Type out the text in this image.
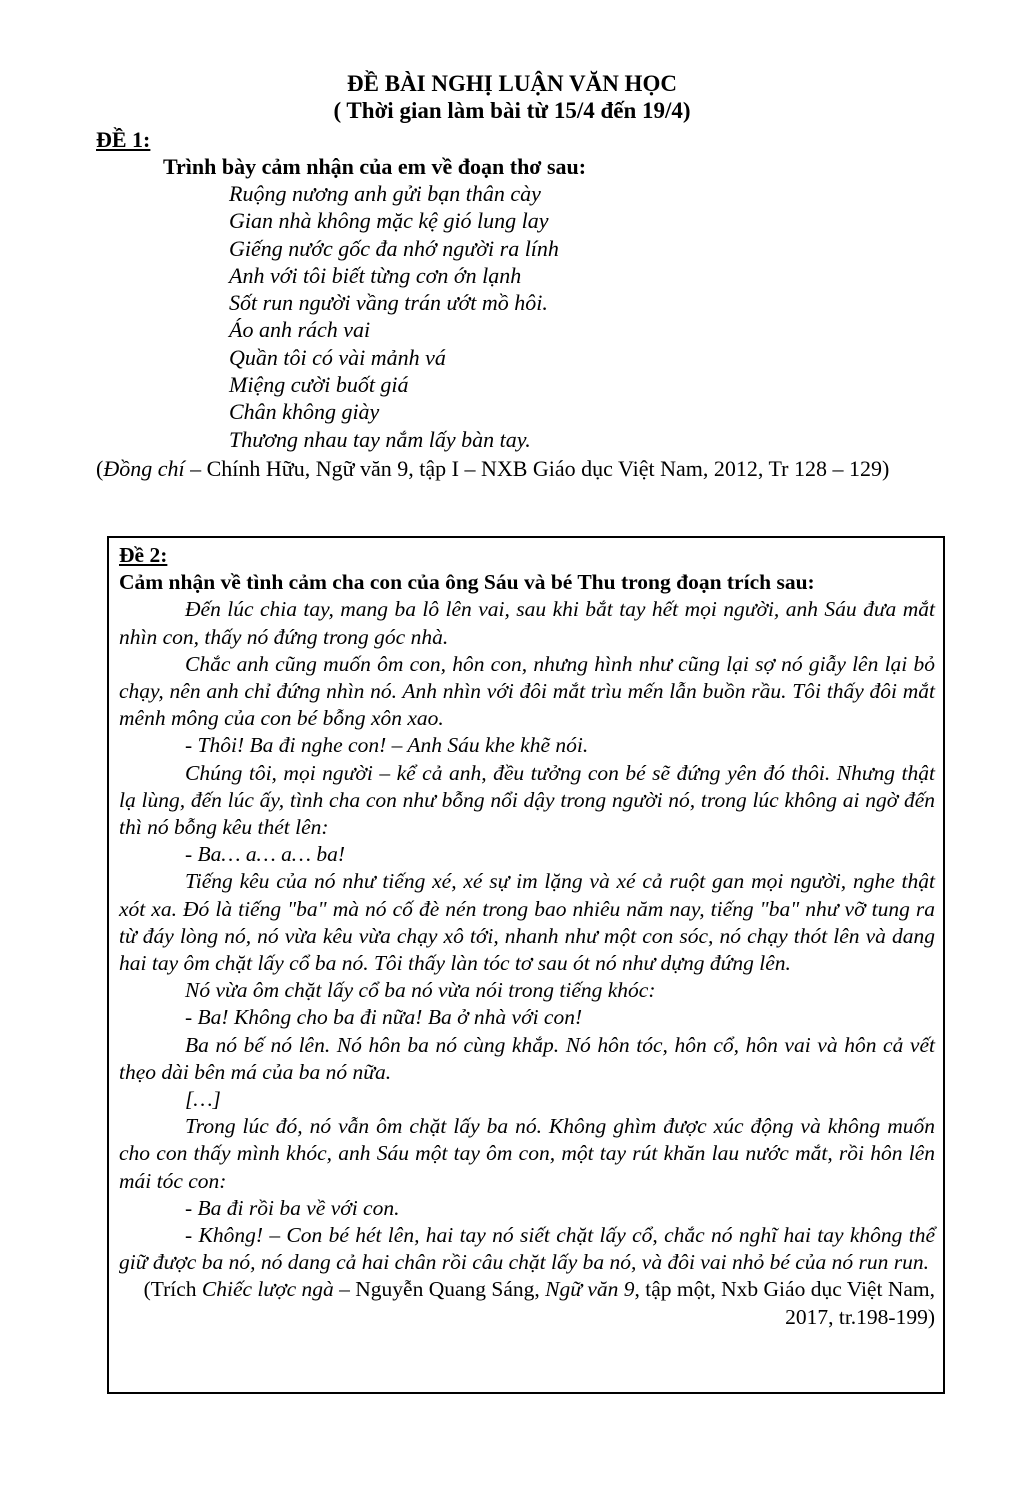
ĐỀ BÀI NGHỊ LUẬN VĂN HỌC
( Thời gian làm bài từ 15/4 đến 19/4)
ĐỀ 1:
Trình bày cảm nhận của em về đoạn thơ sau:
Ruộng nương anh gửi bạn thân cày
Gian nhà không mặc kệ gió lung lay
Giếng nước gốc đa nhớ người ra lính
Anh với tôi biết từng cơn ớn lạnh
Sốt run người vầng trán ướt mồ hôi.
Áo anh rách vai
Quần tôi có vài mảnh vá
Miệng cười buốt giá
Chân không giày
Thương nhau tay nắm lấy bàn tay.
(Đồng chí – Chính Hữu, Ngữ văn 9, tập I – NXB Giáo dục Việt Nam, 2012, Tr 128 – 129)
Đề 2:
Cảm nhận về tình cảm cha con của ông Sáu và bé Thu trong đoạn trích sau:

Đến lúc chia tay, mang ba lô lên vai, sau khi bắt tay hết mọi người, anh Sáu đưa mắt nhìn con, thấy nó đứng trong góc nhà.

Chắc anh cũng muốn ôm con, hôn con, nhưng hình như cũng lại sợ nó giẫy lên lại bỏ chạy, nên anh chỉ đứng nhìn nó. Anh nhìn với đôi mắt trìu mến lẫn buồn rầu. Tôi thấy đôi mắt mênh mông của con bé bỗng xôn xao.

- Thôi! Ba đi nghe con! – Anh Sáu khe khẽ nói.

Chúng tôi, mọi người – kể cả anh, đều tưởng con bé sẽ đứng yên đó thôi. Nhưng thật lạ lùng, đến lúc ấy, tình cha con như bỗng nổi dậy trong người nó, trong lúc không ai ngờ đến thì nó bỗng kêu thét lên:

- Ba… a… a… ba!

Tiếng kêu của nó như tiếng xé, xé sự im lặng và xé cả ruột gan mọi người, nghe thật xót xa. Đó là tiếng "ba" mà nó cố đè nén trong bao nhiêu năm nay, tiếng "ba" như vỡ tung ra từ đáy lòng nó, nó vừa kêu vừa chạy xô tới, nhanh như một con sóc, nó chạy thót lên và dang hai tay ôm chặt lấy cổ ba nó. Tôi thấy làn tóc tơ sau ót nó như dựng đứng lên.

Nó vừa ôm chặt lấy cổ ba nó vừa nói trong tiếng khóc:

- Ba! Không cho ba đi nữa! Ba ở nhà với con!

Ba nó bế nó lên. Nó hôn ba nó cùng khắp. Nó hôn tóc, hôn cổ, hôn vai và hôn cả vết thẹo dài bên má của ba nó nữa.

[…]

Trong lúc đó, nó vẫn ôm chặt lấy ba nó. Không ghìm được xúc động và không muốn cho con thấy mình khóc, anh Sáu một tay ôm con, một tay rút khăn lau nước mắt, rồi hôn lên mái tóc con:

- Ba đi rồi ba về với con.

- Không! – Con bé hét lên, hai tay nó siết chặt lấy cổ, chắc nó nghĩ hai tay không thể giữ được ba nó, nó dang cả hai chân rồi câu chặt lấy ba nó, và đôi vai nhỏ bé của nó run run.

(Trích Chiếc lược ngà – Nguyễn Quang Sáng, Ngữ văn 9, tập một, Nxb Giáo dục Việt Nam, 2017, tr.198-199)
